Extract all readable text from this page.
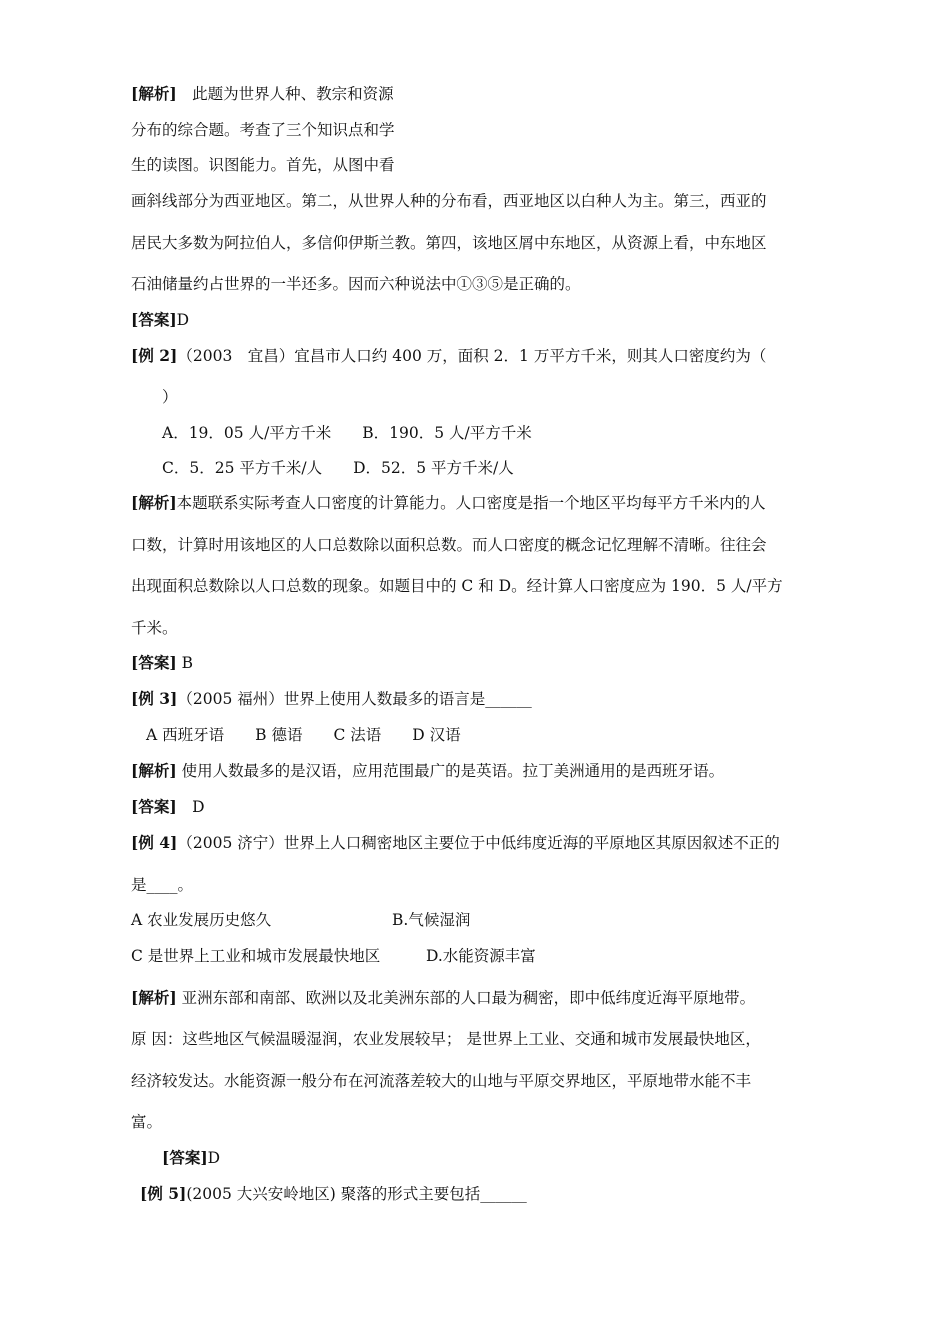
[解析]　此题为世界人种、教宗和资源
分布的综合题。考查了三个知识点和学
生的读图。识图能力。首先，从图中看
画斜线部分为西亚地区。第二，从世界人种的分布看，西亚地区以白种人为主。第三，西亚的
居民大多数为阿拉伯人，多信仰伊斯兰教。第四，该地区屑中东地区，从资源上看，中东地区
石油储量约占世界的一半还多。因而六种说法中①③⑤是正确的。
[答案]D
[例 2]（2003　宜昌）宜昌市人口约 400 万，面积 2．1 万平方千米，则其人口密度约为（
）
A．19．05 人/平方千米　　B．190．5 人/平方千米
C．5．25 平方千米/人　　D．52．5 平方千米/人
[解析]本题联系实际考查人口密度的计算能力。人口密度是指一个地区平均每平方千米内的人
口数，计算时用该地区的人口总数除以面积总数。而人口密度的概念记忆理解不清晰。往往会
出现面积总数除以人口总数的现象。如题目中的 C 和 D。经计算人口密度应为 190．5 人/平方
千米。
[答案] B
[例 3]（2005 福州）世界上使用人数最多的语言是______
A 西班牙语　　B 德语　　C 法语　　D 汉语
[解析] 使用人数最多的是汉语，应用范围最广的是英语。拉丁美洲通用的是西班牙语。
[答案]　D
[例 4]（2005 济宁）世界上人口稠密地区主要位于中低纬度近海的平原地区其原因叙述不正的
是____。
A 农业发展历史悠久	B.气候湿润
C 是世界上工业和城市发展最快地区	D.水能资源丰富
[解析] 亚洲东部和南部、欧洲以及北美洲东部的人口最为稠密，即中低纬度近海平原地带。
原 因：这些地区气候温暖湿润，农业发展较早； 是世界上工业、交通和城市发展最快地区，
经济较发达。水能资源一般分布在河流落差较大的山地与平原交界地区，平原地带水能不丰
富。
[答案]D
[例 5](2005 大兴安岭地区) 聚落的形式主要包括______
